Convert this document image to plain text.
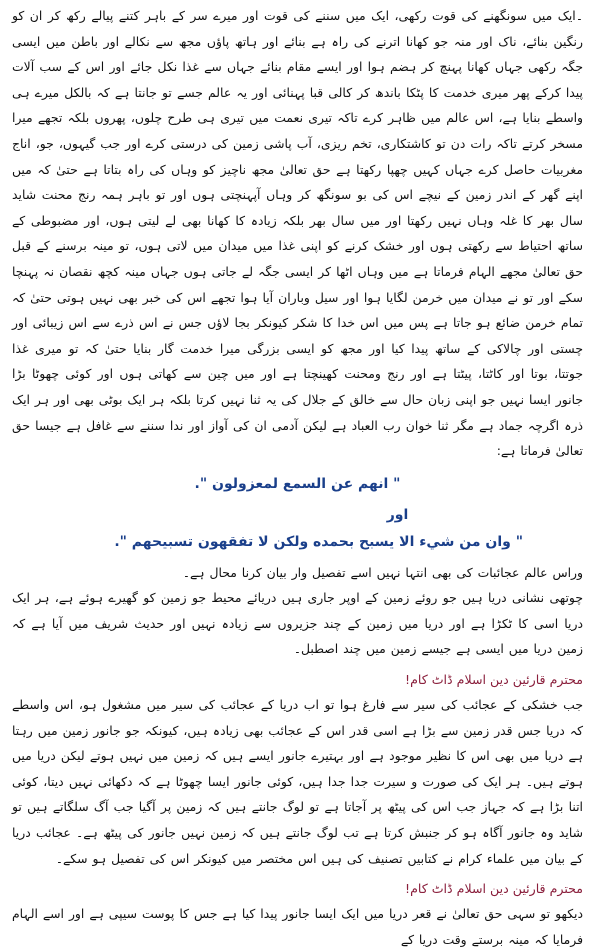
۔ایک میں سونگھنے کی قوت رکھی، ایک میں سننے کی قوت اور میرے سر کے باہر کتنے پیالے رکھ کر ان کو رنگین بنائے، ناک اور منہ جو کھانا اترنے کی راہ ہے بنائے اور ہاتھ پاؤں مجھ سے نکالے اور باطن میں ایسی جگہ رکھی جہاں کھانا پہنچ کر ہضم ہوا اور ایسے مقام بنائے جہاں سے غذا نکل جائے اور اس کے سب آلات پیدا کرکے پھر میری خدمت کا پٹکا باندھ کر کالی قبا پہنائی اور یہ عالم جسے تو جانتا ہے کہ بالکل میرے ہی واسطے بنایا ہے، اس عالم میں ظاہر کرے تاکہ تیری نعمت میں تیری ہی طرح چلوں، پھروں بلکہ تجھے میرا مسخر کرتے تاکہ رات دن تو کاشتکاری، تخم ریزی، آب پاشی زمین کی درستی کرے اور جب گیہوں، جو، اناج مغربیات حاصل کرے جہاں کہیں چھپا رکھتا ہے حق تعالیٰ مجھ ناچیز کو وہاں کی راہ بتاتا ہے حتیٰ کہ میں اپنے گھر کے اندر زمین کے نیچے اس کی بو سونگھ کر وہاں آپہنچتی ہوں اور تو باہر ہمہ رنج محنت شاید سال بھر کا غلہ وہاں نہیں رکھتا اور میں سال بھر بلکہ زیادہ کا کھانا بھی لے لیتی ہوں، اور مضبوطی کے ساتھ احتیاط سے رکھتی ہوں اور خشک کرنے کو اپنی غذا میں میدان میں لاتی ہوں، تو مینہ برسنے کے قبل حق تعالیٰ مجھے الہام فرماتا ہے میں وہاں اٹھا کر ایسی جگہ لے جاتی ہوں جہاں مینہ کچھ نقصان نہ پہنچا سکے اور تو نے میدان میں خرمن لگایا ہوا اور سیل وباران آیا ہوا تجھے اس کی خبر بھی نہیں ہوتی حتیٰ کہ تمام خرمن ضائع ہو جاتا ہے پس میں اس خدا کا شکر کیونکر بجا لاؤں جس نے اس ذرے سے اس زیبائی اور چستی اور چالاکی کے ساتھ پیدا کیا اور مجھ کو ایسی بزرگی میرا خدمت گار بنایا حتیٰ کہ تو میری غذا جوتتا، بوتا اور کاٹتا، پیٹتا ہے اور رنج ومحنت کھینچتا ہے اور میں چین سے کھاتی ہوں اور کوئی چھوٹا بڑا جانور ایسا نہیں جو اپنی زبان حال سے خالق کے جلال کی یہ ثنا نہیں کرتا بلکہ ہر ایک بوٹی بھی اور ہر ایک ذرہ اگرچہ جماد ہے مگر ثنا خوان رب العباد ہے لیکن آدمی ان کی آواز اور ندا سننے سے غافل ہے جیسا حق تعالیٰ فرماتا ہے:

" انهم عن السمع لمعزولون ".

اور

" وان من شيء الا يسبح بحمده ولكن لا تفقهون تسبيحهم ".

وراس عالم عجائبات کی بھی انتہا نہیں اسے تفصیل وار بیان کرنا محال ہے۔

چوتھی نشانی دریا ہیں جو روئے زمین کے اوپر جاری ہیں دریائے محیط جو زمین کو گھیرے ہوئے ہے، ہر ایک دریا اسی کا ٹکڑا ہے اور دریا میں زمین کے چند جزیروں سے زیادہ نہیں اور حدیث شریف میں آیا ہے کہ زمین دریا میں ایسی ہے جیسے زمین میں چند اصطبل۔

محترم قارئین دین اسلام ڈاٹ کام!

جب خشکی کے عجائب کی سیر سے فارغ ہوا تو اب دریا کے عجائب کی سیر میں مشغول ہو، اس واسطے کہ دریا جس قدر زمین سے بڑا ہے اسی قدر اس کے عجائب بھی زیادہ ہیں، کیونکہ جو جانور زمین میں رہتا ہے دریا میں بھی اس کا نظیر موجود ہے اور بہتیرے جانور ایسے ہیں کہ زمین میں نہیں ہوتے لیکن دریا میں ہوتے ہیں۔ ہر ایک کی صورت و سیرت جدا جدا ہیں، کوئی جانور ایسا چھوٹا ہے کہ دکھائی نہیں دیتا، کوئی اتنا بڑا ہے کہ جہاز جب اس کی پیٹھ پر آجاتا ہے تو لوگ جانتے ہیں کہ زمین پر آگیا جب آگ سلگاتے ہیں تو شاید وہ جانور آگاہ ہو کر جنبش کرتا ہے تب لوگ جانتے ہیں کہ زمین نہیں جانور کی پیٹھ ہے۔ عجائب دریا کے بیان میں علماء کرام نے کتابیں تصنیف کی ہیں اس مختصر میں کیونکر اس کی تفصیل ہو سکے۔

محترم قارئین دین اسلام ڈاٹ کام!

دیکھو تو سہی حق تعالیٰ نے قعر دریا میں ایک ایسا جانور پیدا کیا ہے جس کا پوست سیپی ہے اور اسے الہام فرمایا کہ مینہ برستے وقت دریا کے
